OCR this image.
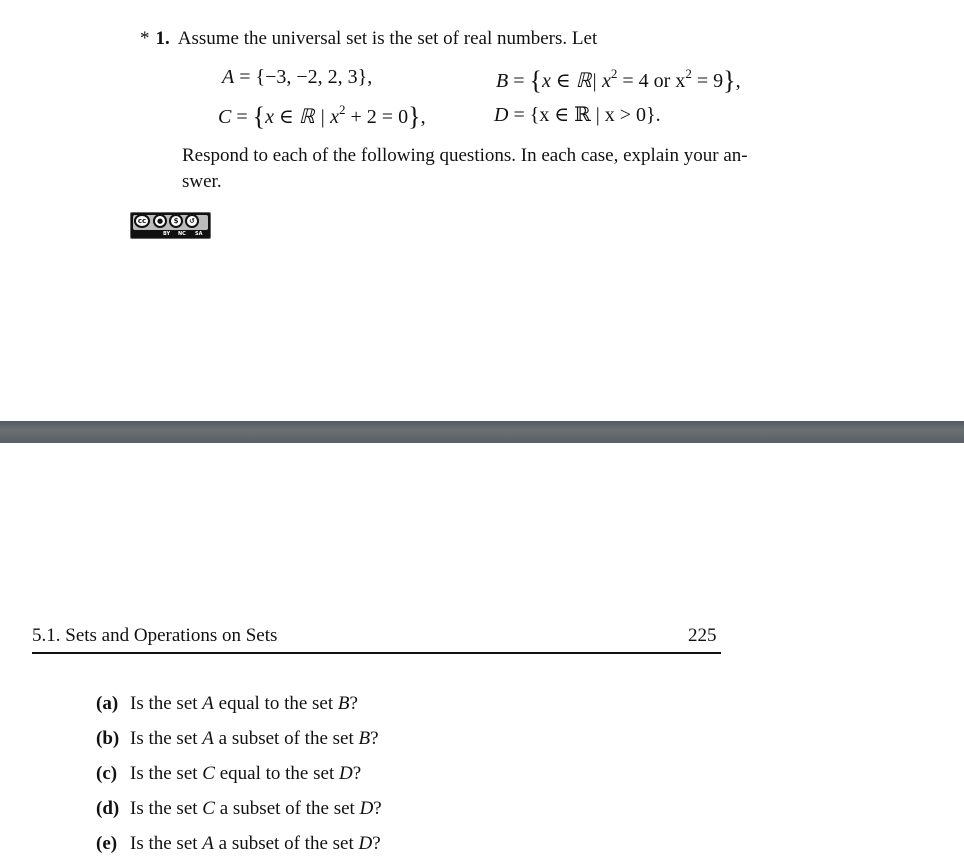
* 1. Assume the universal set is the set of real numbers. Let
A = {−3, −2, 2, 3},	B = {x ∈ ℝ| $x^2 = 4$ or $x^2 = 9$},
C = {x ∈ ℝ | $x^2 + 2 = 0$},	D = {x ∈ ℝ | x > 0}.
Respond to each of the following questions. In each case, explain your an-
swer.
cc	●	$	↺
BY NC SA
5.1. Sets and Operations on Sets	225
(a) Is the set A equal to the set B?
(b) Is the set A a subset of the set B?
(c) Is the set C equal to the set D?
(d) Is the set C a subset of the set D?
(e) Is the set A a subset of the set D?
